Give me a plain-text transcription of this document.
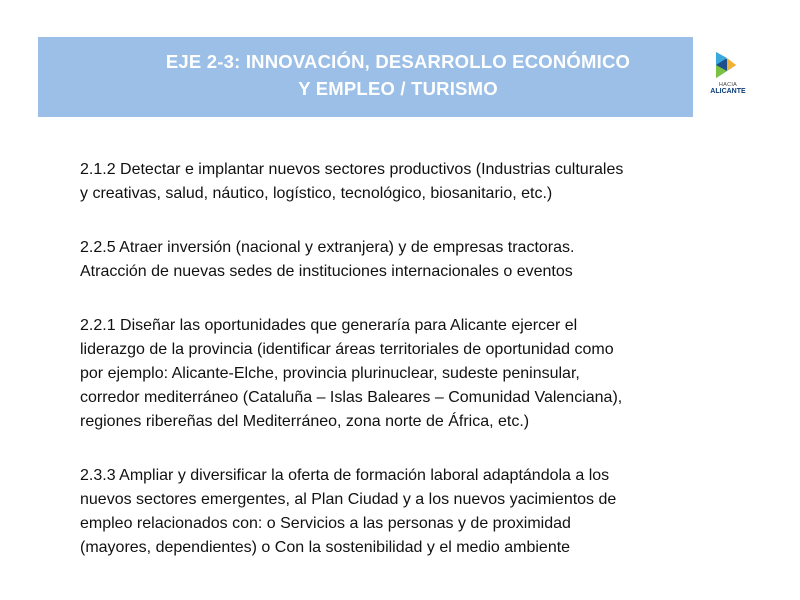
EJE 2-3: INNOVACIÓN, DESARROLLO ECONÓMICO
Y EMPLEO / TURISMO	HACIA
ALICANTE

2.1.2 Detectar e implantar nuevos sectores productivos (Industrias culturales
y creativas, salud, náutico, logístico, tecnológico, biosanitario, etc.)

2.2.5 Atraer inversión (nacional y extranjera) y de empresas tractoras.
Atracción de nuevas sedes de instituciones internacionales o eventos

2.2.1 Diseñar las oportunidades que generaría para Alicante ejercer el
liderazgo de la provincia (identificar áreas territoriales de oportunidad como
por ejemplo: Alicante-Elche, provincia plurinuclear, sudeste peninsular,
corredor mediterráneo (Cataluña – Islas Baleares – Comunidad Valenciana),
regiones ribereñas del Mediterráneo, zona norte de África, etc.)

2.3.3 Ampliar y diversificar la oferta de formación laboral adaptándola a los
nuevos sectores emergentes, al Plan Ciudad y a los nuevos yacimientos de
empleo relacionados con: o Servicios a las personas y de proximidad
(mayores, dependientes) o Con la sostenibilidad y el medio ambiente
